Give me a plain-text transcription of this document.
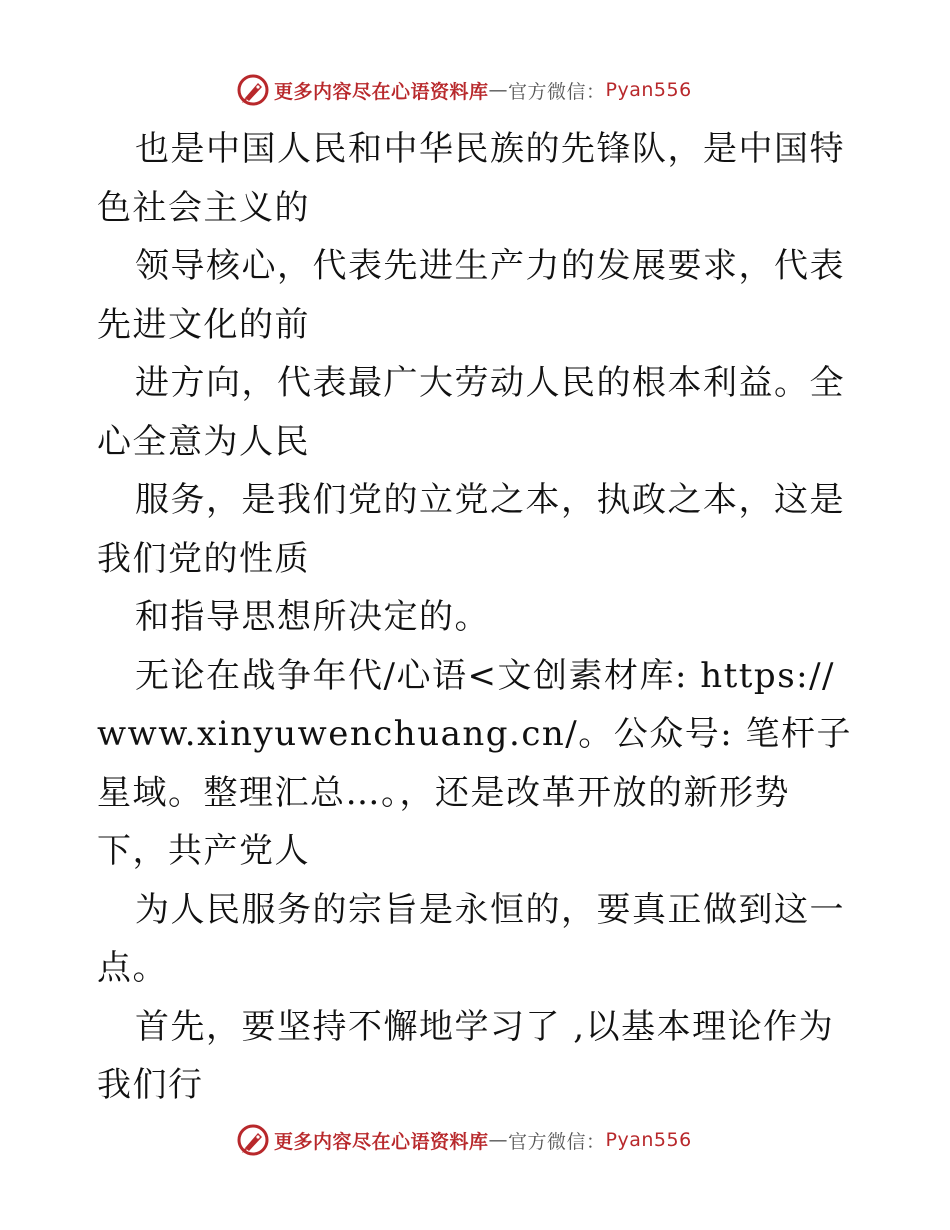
更多内容尽在心语资料库 — 官方微信： Pyan556

也是中国人民和中华民族的先锋队，是中国特色社会主义的

领导核心，代表先进生产力的发展要求，代表先进文化的前

进方向，代表最广大劳动人民的根本利益。全心全意为人民

服务，是我们党的立党之本，执政之本，这是我们党的性质

和指导思想所决定的。

无论在战争年代/心语<文创素材库: https://www.xinyuwenchuang.cn/。公众号: 笔杆子星域。整理汇总…。，还是改革开放的新形势下，共产党人

为人民服务的宗旨是永恒的，要真正做到这一点。

首先，要坚持不懈地学习了 ,以基本理论作为我们行

更多内容尽在心语资料库 — 官方微信： Pyan556
